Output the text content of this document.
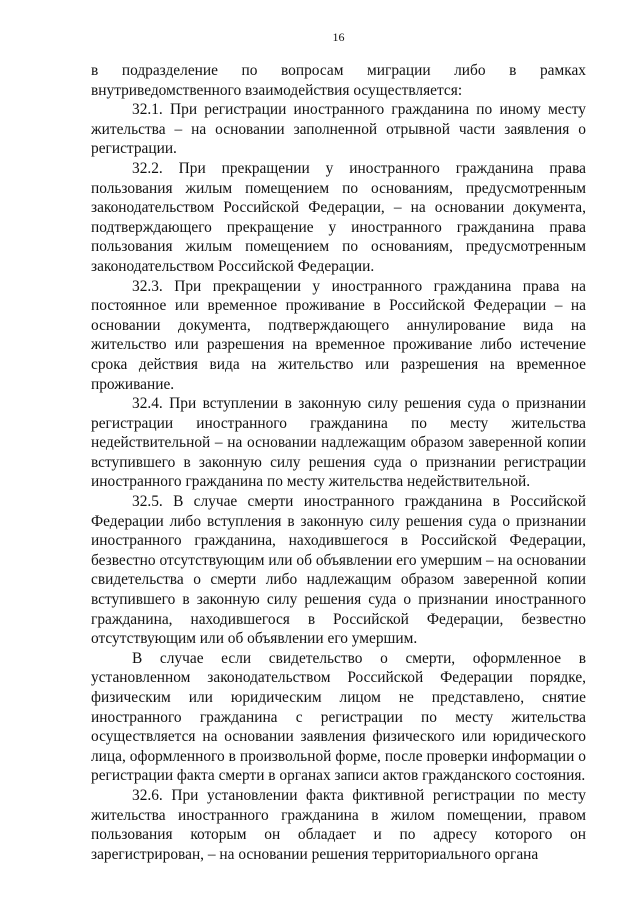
16

в подразделение по вопросам миграции либо в рамках внутриведомственного взаимодействия осуществляется:

32.1. При регистрации иностранного гражданина по иному месту жительства – на основании заполненной отрывной части заявления о регистрации.

32.2. При прекращении у иностранного гражданина права пользования жилым помещением по основаниям, предусмотренным законодательством Российской Федерации, – на основании документа, подтверждающего прекращение у иностранного гражданина права пользования жилым помещением по основаниям, предусмотренным законодательством Российской Федерации.

32.3. При прекращении у иностранного гражданина права на постоянное или временное проживание в Российской Федерации – на основании документа, подтверждающего аннулирование вида на жительство или разрешения на временное проживание либо истечение срока действия вида на жительство или разрешения на временное проживание.

32.4. При вступлении в законную силу решения суда о признании регистрации иностранного гражданина по месту жительства недействительной – на основании надлежащим образом заверенной копии вступившего в законную силу решения суда о признании регистрации иностранного гражданина по месту жительства недействительной.

32.5. В случае смерти иностранного гражданина в Российской Федерации либо вступления в законную силу решения суда о признании иностранного гражданина, находившегося в Российской Федерации, безвестно отсутствующим или об объявлении его умершим – на основании свидетельства о смерти либо надлежащим образом заверенной копии вступившего в законную силу решения суда о признании иностранного гражданина, находившегося в Российской Федерации, безвестно отсутствующим или об объявлении его умершим.

В случае если свидетельство о смерти, оформленное в установленном законодательством Российской Федерации порядке, физическим или юридическим лицом не представлено, снятие иностранного гражданина с регистрации по месту жительства осуществляется на основании заявления физического или юридического лица, оформленного в произвольной форме, после проверки информации о регистрации факта смерти в органах записи актов гражданского состояния.

32.6. При установлении факта фиктивной регистрации по месту жительства иностранного гражданина в жилом помещении, правом пользования которым он обладает и по адресу которого он зарегистрирован, – на основании решения территориального органа
